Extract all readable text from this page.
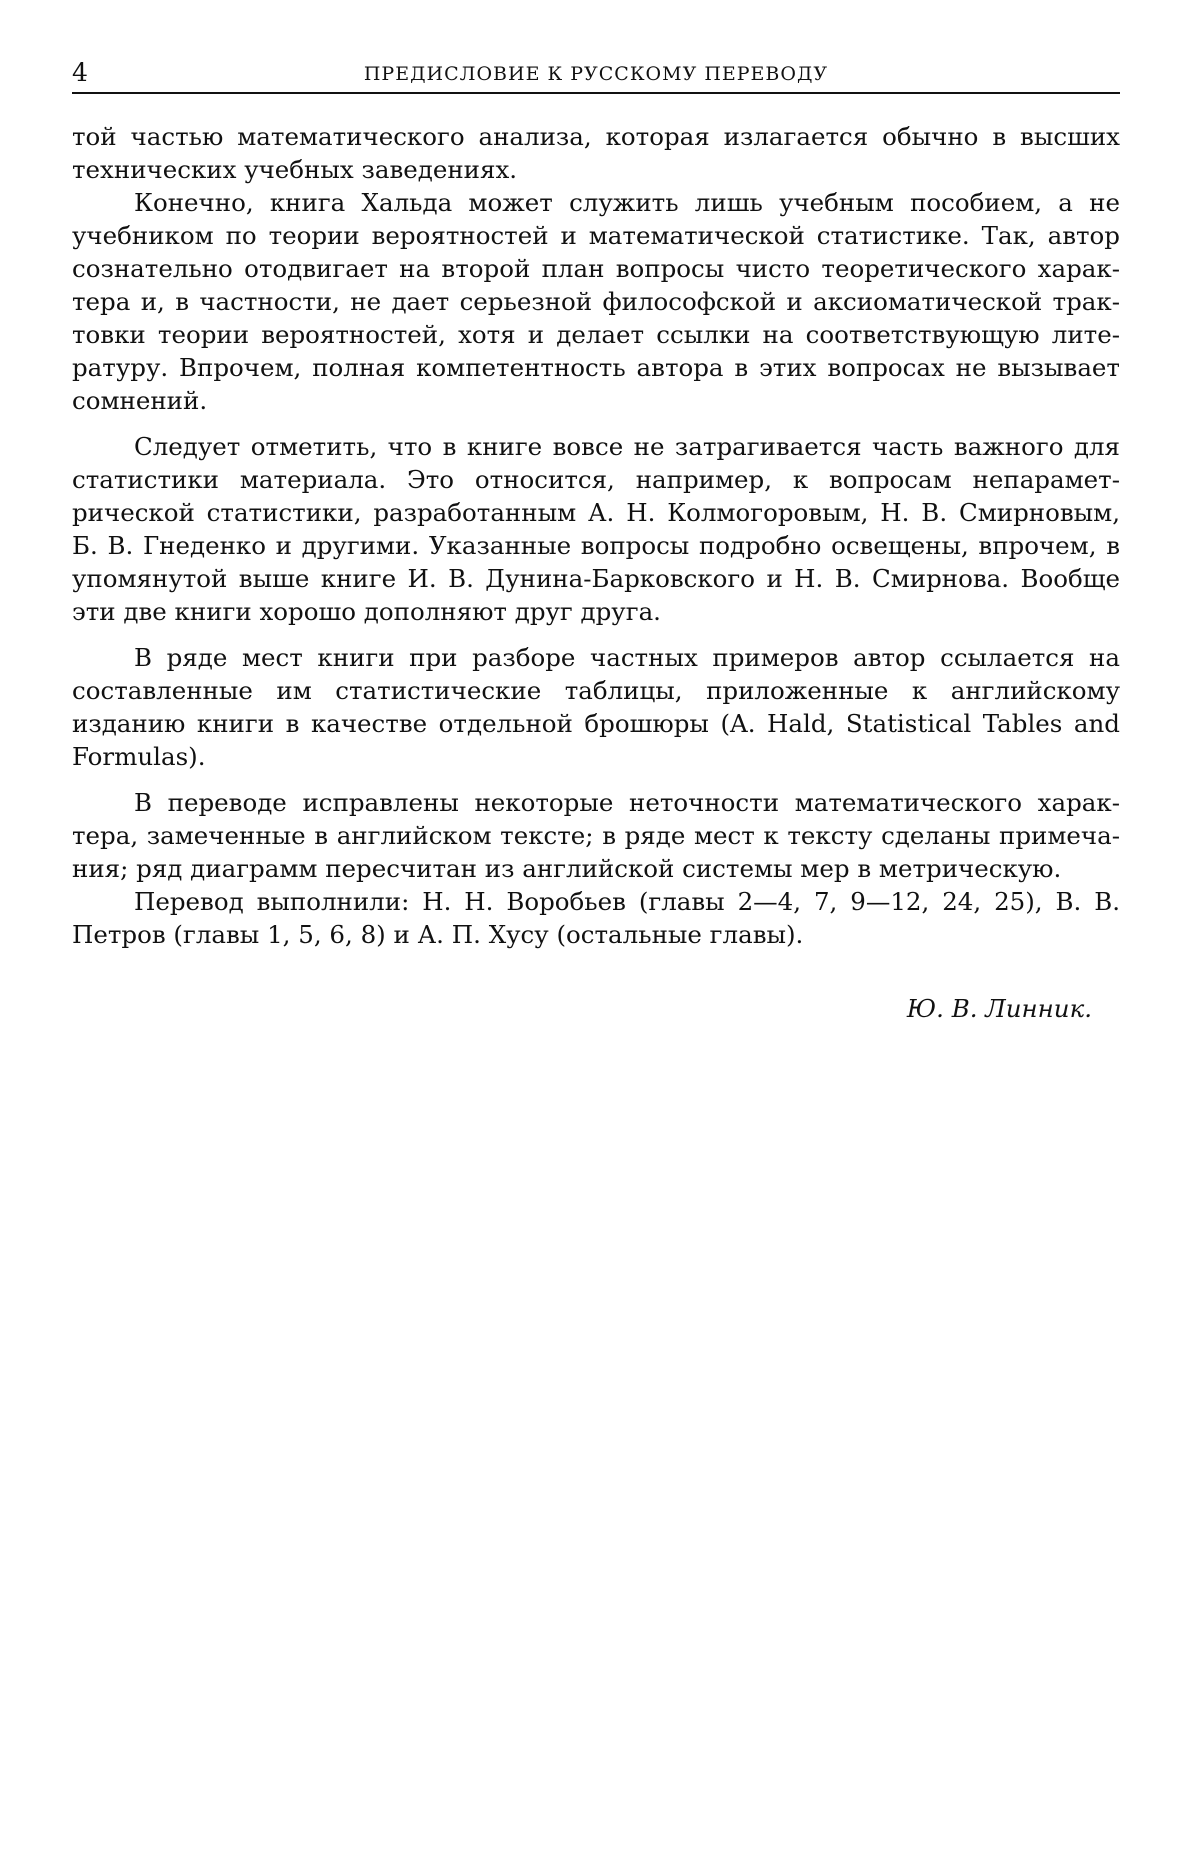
4	ПРЕДИСЛОВИЕ К РУССКОМУ ПЕРЕВОДУ

той частью математического анализа, которая излагается обычно в высших технических учебных заведениях.

Конечно, книга Хальда может служить лишь учебным пособием, а не учебником по теории вероятностей и математической статистике. Так, автор сознательно отодвигает на второй план вопросы чисто теоретического характера и, в частности, не дает серьезной философской и аксиоматической трактовки теории вероятностей, хотя и делает ссылки на соответствующую литературу. Впрочем, полная компетентность автора в этих вопросах не вызывает сомнений.

Следует отметить, что в книге вовсе не затрагивается часть важного для статистики материала. Это относится, например, к вопросам непараметрической статистики, разработанным А. Н. Колмогоровым, Н. В. Смирновым, Б. В. Гнеденко и другими. Указанные вопросы подробно освещены, впрочем, в упомянутой выше книге И. В. Дунина-Барковского и Н. В. Смирнова. Вообще эти две книги хорошо дополняют друг друга.

В ряде мест книги при разборе частных примеров автор ссылается на составленные им статистические таблицы, приложенные к английскому изданию книги в качестве отдельной брошюры (A. Hald, Statistical Tables and Formulas).

В переводе исправлены некоторые неточности математического характера, замеченные в английском тексте; в ряде мест к тексту сделаны примечания; ряд диаграмм пересчитан из английской системы мер в метрическую.

Перевод выполнили: Н. Н. Воробьев (главы 2—4, 7, 9—12, 24, 25), В. В. Петров (главы 1, 5, 6, 8) и А. П. Хусу (остальные главы).

Ю. В. Линник.
